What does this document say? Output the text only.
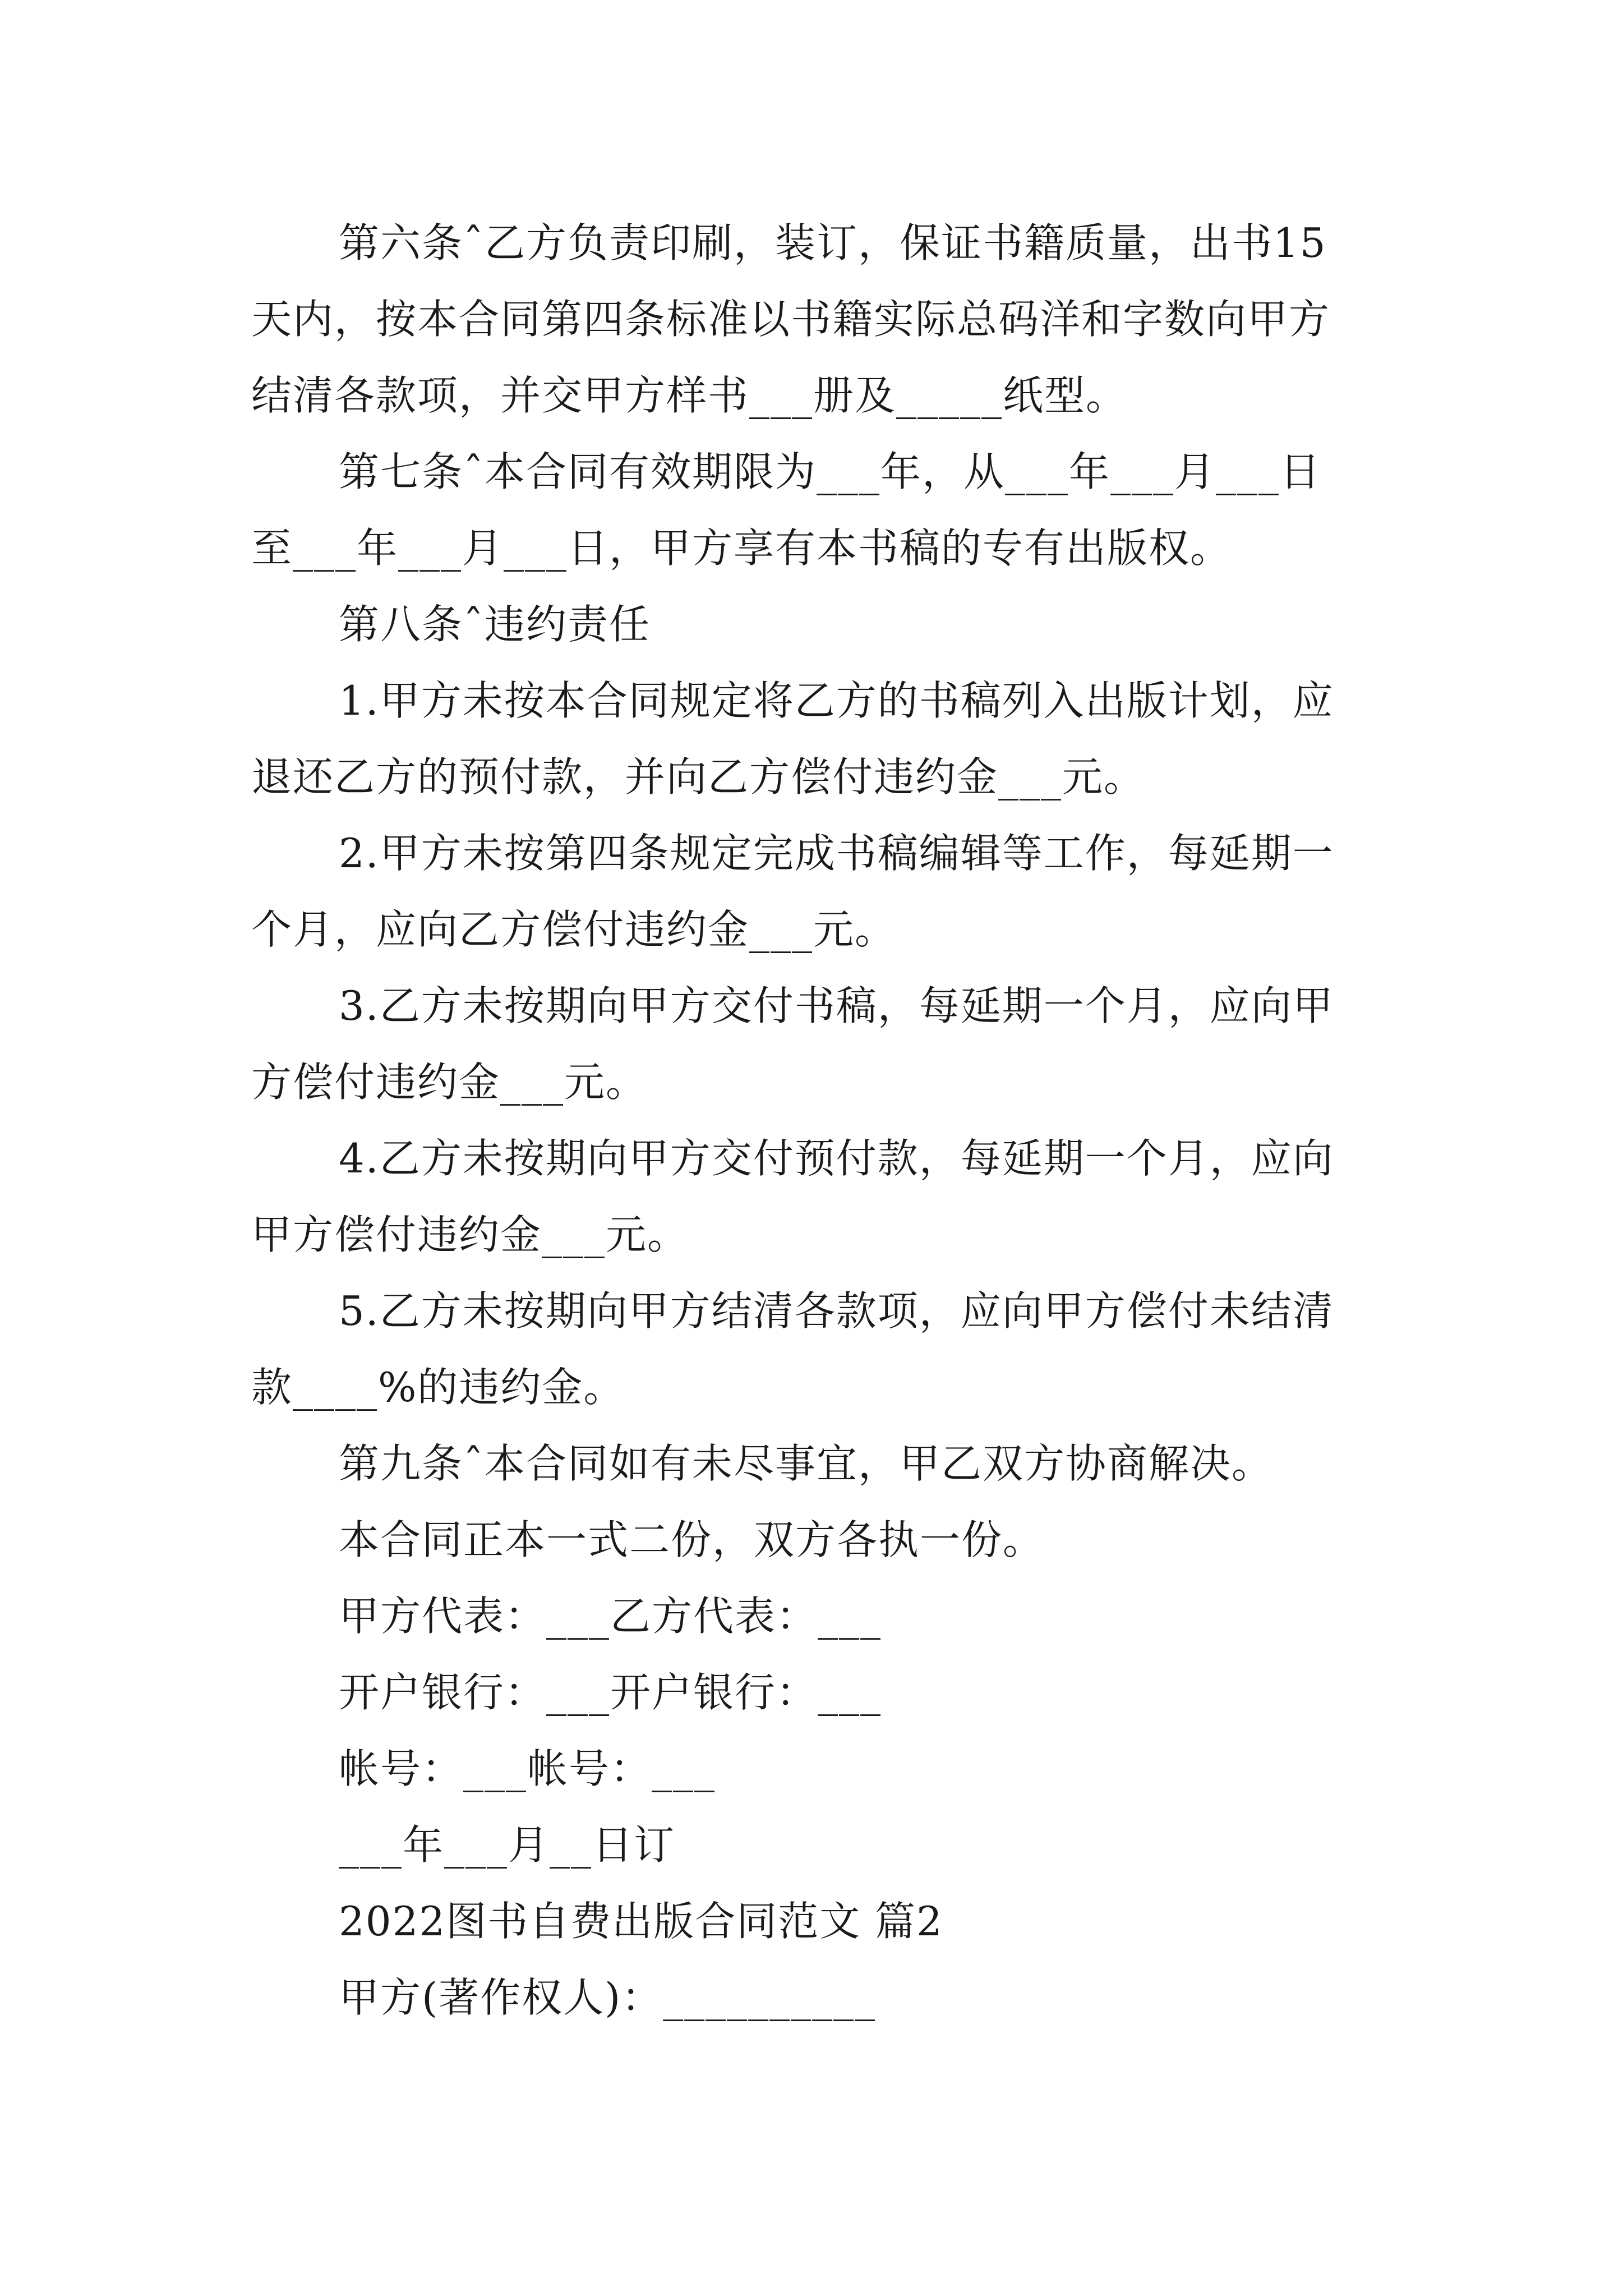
第六条ˆ乙方负责印刷，装订，保证书籍质量，出书15
天内，按本合同第四条标准以书籍实际总码洋和字数向甲方
结清各款项，并交甲方样书___册及_____纸型。
第七条ˆ本合同有效期限为___年，从___年___月___日
至___年___月___日，甲方享有本书稿的专有出版权。
第八条ˆ违约责任
1.甲方未按本合同规定将乙方的书稿列入出版计划，应
退还乙方的预付款，并向乙方偿付违约金___元。
2.甲方未按第四条规定完成书稿编辑等工作，每延期一
个月，应向乙方偿付违约金___元。
3.乙方未按期向甲方交付书稿，每延期一个月，应向甲
方偿付违约金___元。
4.乙方未按期向甲方交付预付款，每延期一个月，应向
甲方偿付违约金___元。
5.乙方未按期向甲方结清各款项，应向甲方偿付未结清
款____%的违约金。
第九条ˆ本合同如有未尽事宜，甲乙双方协商解决。
本合同正本一式二份，双方各执一份。
甲方代表：___乙方代表：___
开户银行：___开户银行：___
帐号：___帐号：___
___年___月__日订
2022图书自费出版合同范文 篇2
甲方(著作权人)：__________
